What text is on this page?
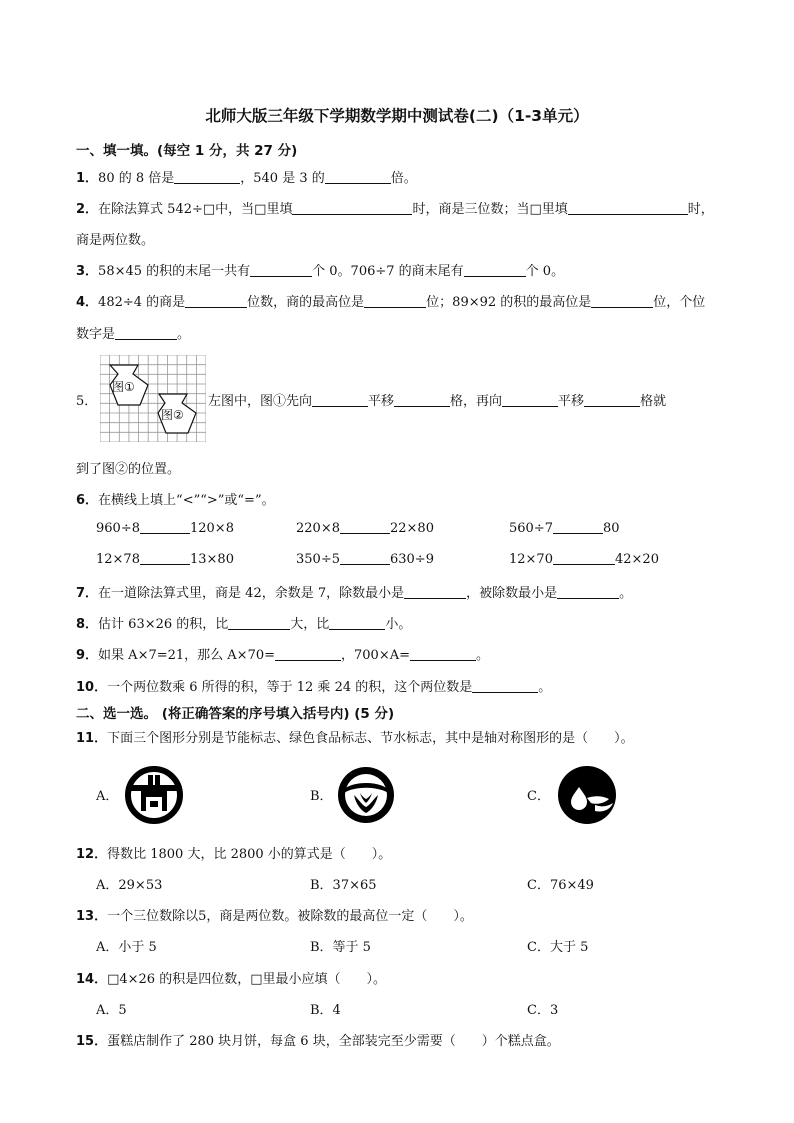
北师大版三年级下学期数学期中测试卷(二)（1-3单元）
一、填一填。(每空 1 分，共 27 分)
1．80 的 8 倍是	，540 是 3 的	倍。
2．在除法算式 542÷□中，当□里填	时，商是三位数；当□里填	时，
商是两位数。
3．58×45 的积的末尾一共有	个 0。706÷7 的商末尾有	个 0。
4．482÷4 的商是	位数，商的最高位是	位；89×92 的积的最高位是	位，个位
数字是	。
5．
图①
图②
左图中，图①先向	平移	格，再向	平移	格就
到了图②的位置。
6．在横线上填上“<”“>”或“=”。
960÷8	120×8	220×8	22×80	560÷7	80
12×78	13×80	350÷5	630÷9	12×70	42×20
7．在一道除法算式里，商是 42，余数是 7，除数最小是	，被除数最小是	。
8．估计 63×26 的积，比	大，比	小。
9．如果 A×7=21，那么 A×70=	，700×A=	。
10．一个两位数乘 6 所得的积，等于 12 乘 24 的积，这个两位数是	。
二、选一选。 (将正确答案的序号填入括号内) (5 分)
11．下面三个图形分别是节能标志、绿色食品标志、节水标志，其中是轴对称图形的是（　　）。
A．	B．	C．
12．得数比 1800 大，比 2800 小的算式是（　　）。
A．29×53	B．37×65	C．76×49
13．一个三位数除以5，商是两位数。被除数的最高位一定（　　）。
A．小于 5	B．等于 5	C．大于 5
14．□4×26 的积是四位数，□里最小应填（　　）。
A．5	B．4	C．3
15．蛋糕店制作了 280 块月饼，每盒 6 块，全部装完至少需要（　　）个糕点盒。
